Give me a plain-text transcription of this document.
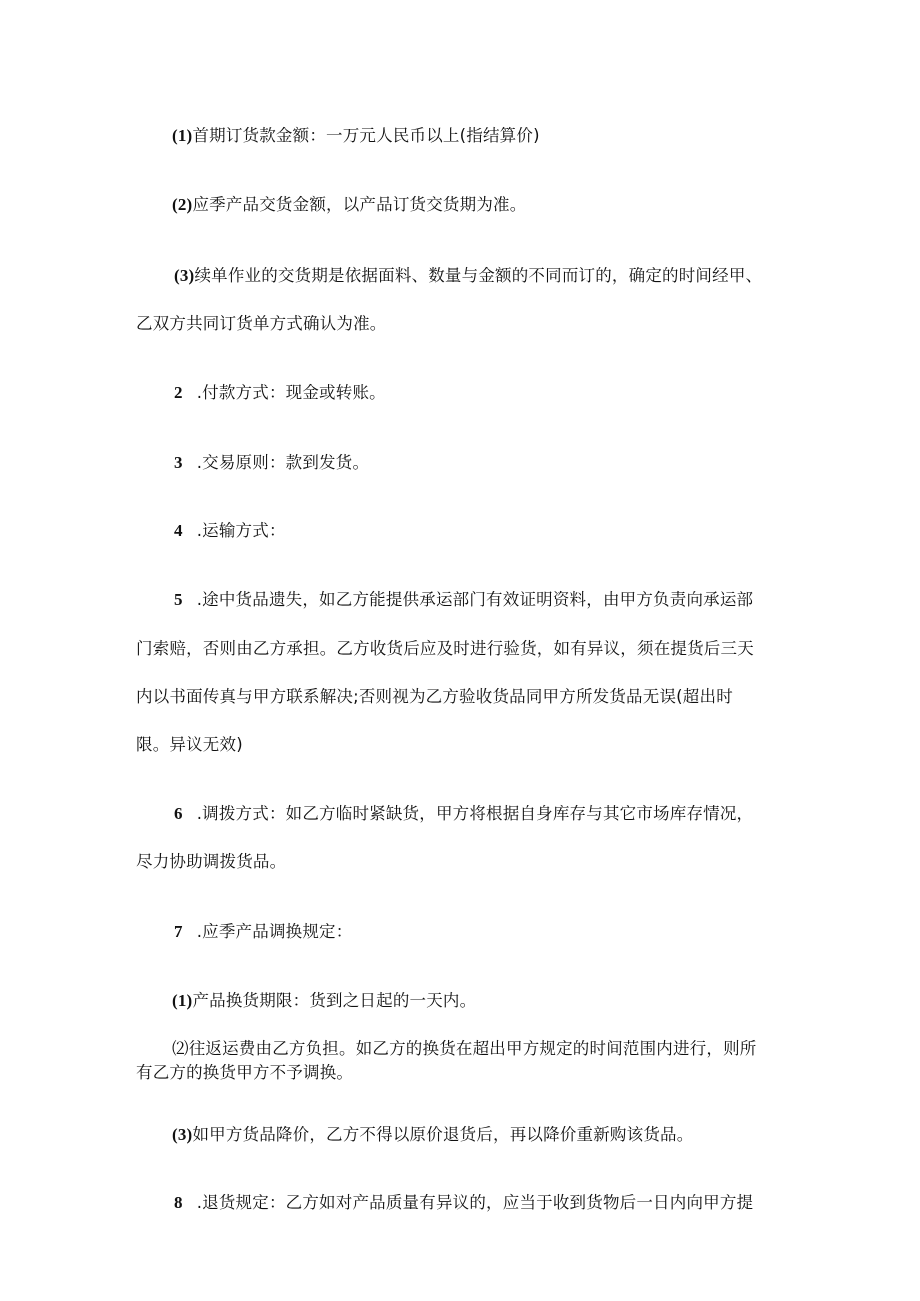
(1)首期订货款金额：一万元人民币以上(指结算价)
(2)应季产品交货金额，以产品订货交货期为准。
(3)续单作业的交货期是依据面料、数量与金额的不同而订的，确定的时间经甲、
乙双方共同订货单方式确认为准。
2 .付款方式：现金或转账。
3 .交易原则：款到发货。
4 .运输方式：
5 .途中货品遗失，如乙方能提供承运部门有效证明资料，由甲方负责向承运部
门索赔，否则由乙方承担。乙方收货后应及时进行验货，如有异议，须在提货后三天
内以书面传真与甲方联系解决;否则视为乙方验收货品同甲方所发货品无误(超出时
限。异议无效)
6 .调拨方式：如乙方临时紧缺货，甲方将根据自身库存与其它市场库存情况，
尽力协助调拨货品。
7 .应季产品调换规定：
(1)产品换货期限：货到之日起的一天内。
⑵往返运费由乙方负担。如乙方的换货在超出甲方规定的时间范围内进行，则所
有乙方的换货甲方不予调换。
(3)如甲方货品降价，乙方不得以原价退货后，再以降价重新购该货品。
8 .退货规定：乙方如对产品质量有异议的，应当于收到货物后一日内向甲方提
